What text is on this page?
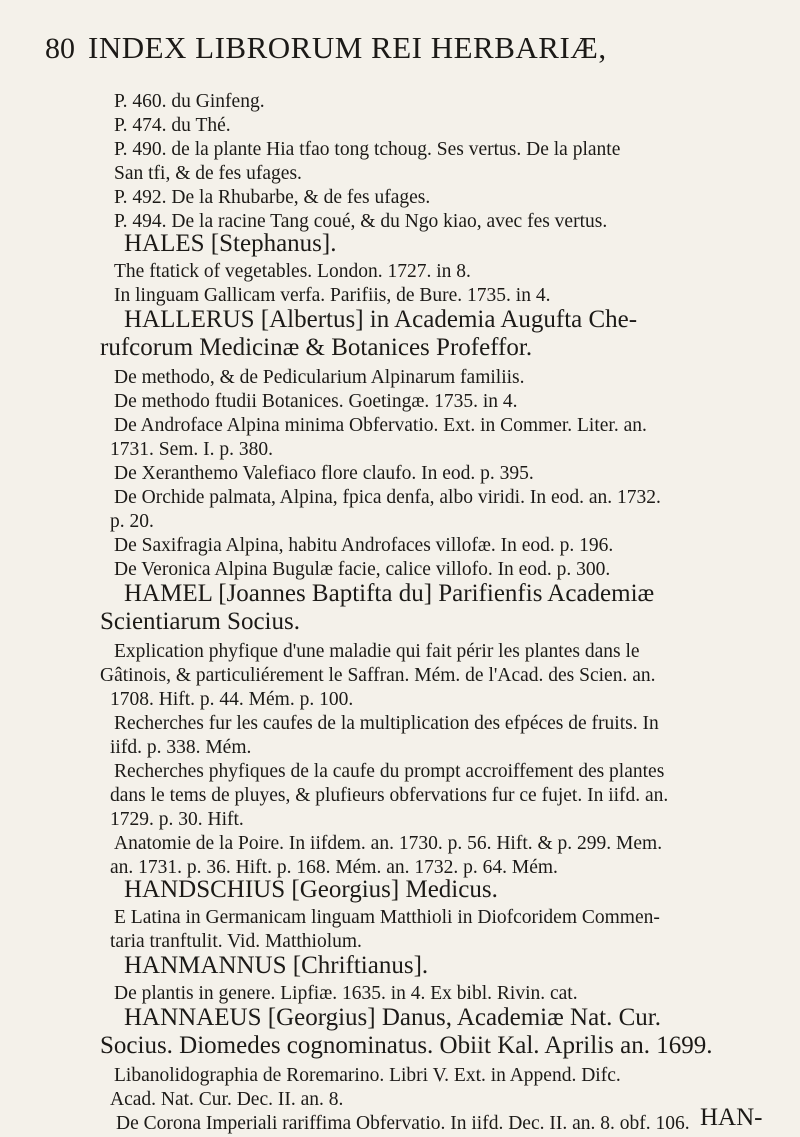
80 INDEX LIBRORUM REI HERBARIÆ,
P. 460. du Ginfeng.
P. 474. du Thé.
P. 490. de la plante Hia tfao tong tchoug. Ses vertus. De la plante
San tfi, & de fes ufages.
P. 492. De la Rhubarbe, & de fes ufages.
P. 494. De la racine Tang coué, & du Ngo kiao, avec fes vertus.
HALES [Stephanus].
The ftatick of vegetables. London. 1727. in 8.
In linguam Gallicam verfa. Parifiis, de Bure. 1735. in 4.
HALLERUS [Albertus] in Academia Augufta Che-
rufcorum Medicinæ & Botanices Profeffor.
De methodo, & de Pedicularium Alpinarum familiis.
De methodo ftudii Botanices. Goetingæ. 1735. in 4.
De Androface Alpina minima Obfervatio. Ext. in Commer. Liter. an.
1731. Sem. I. p. 380.
De Xeranthemo Valefiaco flore claufo. In eod. p. 395.
De Orchide palmata, Alpina, fpica denfa, albo viridi. In eod. an. 1732.
p. 20.
De Saxifragia Alpina, habitu Androfaces villofæ. In eod. p. 196.
De Veronica Alpina Bugulæ facie, calice villofo. In eod. p. 300.
HAMEL [Joannes Baptifta du] Parifienfis Academiæ
Scientiarum Socius.
Explication phyfique d'une maladie qui fait périr les plantes dans le
Gâtinois, & particuliérement le Saffran. Mém. de l'Acad. des Scien. an.
1708. Hift. p. 44. Mém. p. 100.
Recherches fur les caufes de la multiplication des efpéces de fruits. In
iifd. p. 338. Mém.
Recherches phyfiques de la caufe du prompt accroiffement des plantes
dans le tems de pluyes, & plufieurs obfervations fur ce fujet. In iifd. an.
1729. p. 30. Hift.
Anatomie de la Poire. In iifdem. an. 1730. p. 56. Hift. & p. 299. Mem.
an. 1731. p. 36. Hift. p. 168. Mém. an. 1732. p. 64. Mém.
HANDSCHIUS [Georgius] Medicus.
E Latina in Germanicam linguam Matthioli in Diofcoridem Commen-
taria tranftulit. Vid. Matthiolum.
HANMANNUS [Chriftianus].
De plantis in genere. Lipfiæ. 1635. in 4. Ex bibl. Rivin. cat.
HANNAEUS [Georgius] Danus, Academiæ Nat. Cur.
Socius. Diomedes cognominatus. Obiit Kal. Aprilis an. 1699.
Libanolidographia de Roremarino. Libri V. Ext. in Append. Difc.
Acad. Nat. Cur. Dec. II. an. 8.
De Corona Imperiali rariffima Obfervatio. In iifd. Dec. II. an. 8. obf. 106. HAN-
